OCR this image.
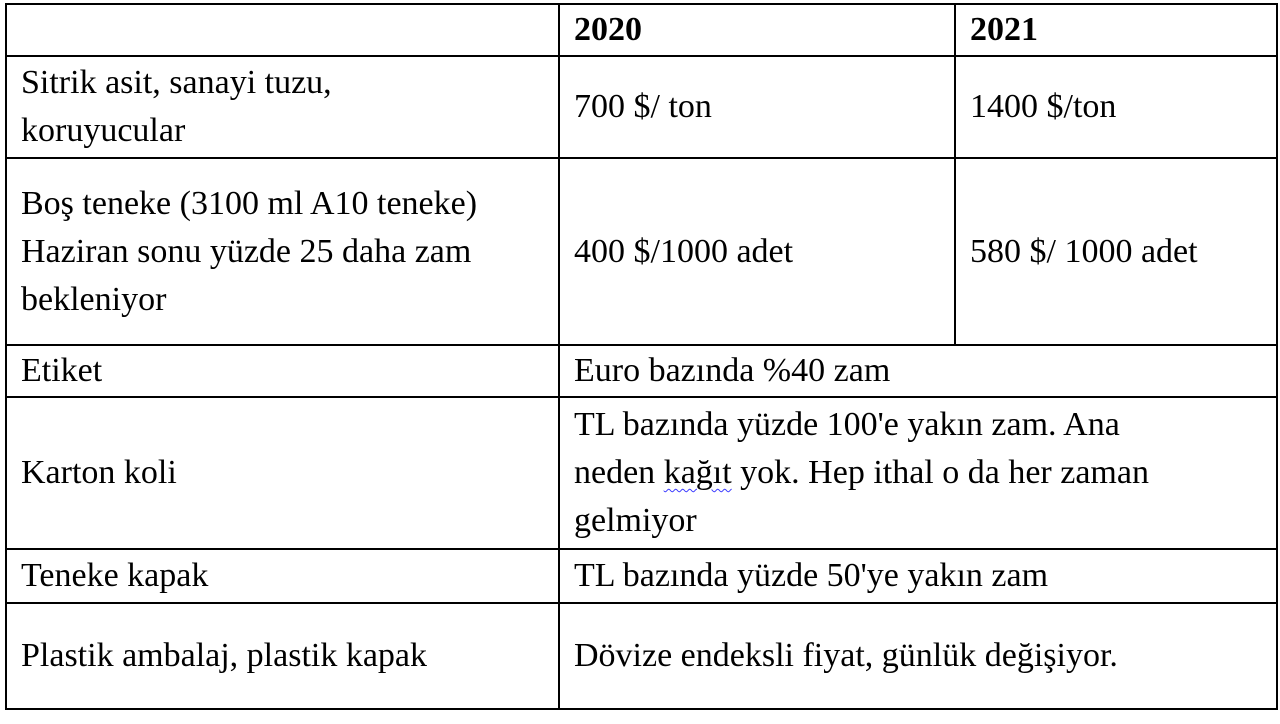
	2020	2021

Sitrik asit, sanayi tuzu,
koruyucular	700 $/ ton	1400 $/ton

Boş teneke (3100 ml A10 teneke)
Haziran sonu yüzde 25 daha zam
bekleniyor	400 $/1000 adet	580 $/ 1000 adet
Etiket	Euro bazında %40 zam	
Karton koli	TL bazında yüzde 100'e yakın zam. Ana
neden kağıt yok. Hep ithal o da her zaman
gelmiyor	

Teneke kapak	TL bazında yüzde 50'ye yakın zam	
Plastik ambalaj, plastik kapak	Dövize endeksli fiyat, günlük değişiyor.	
